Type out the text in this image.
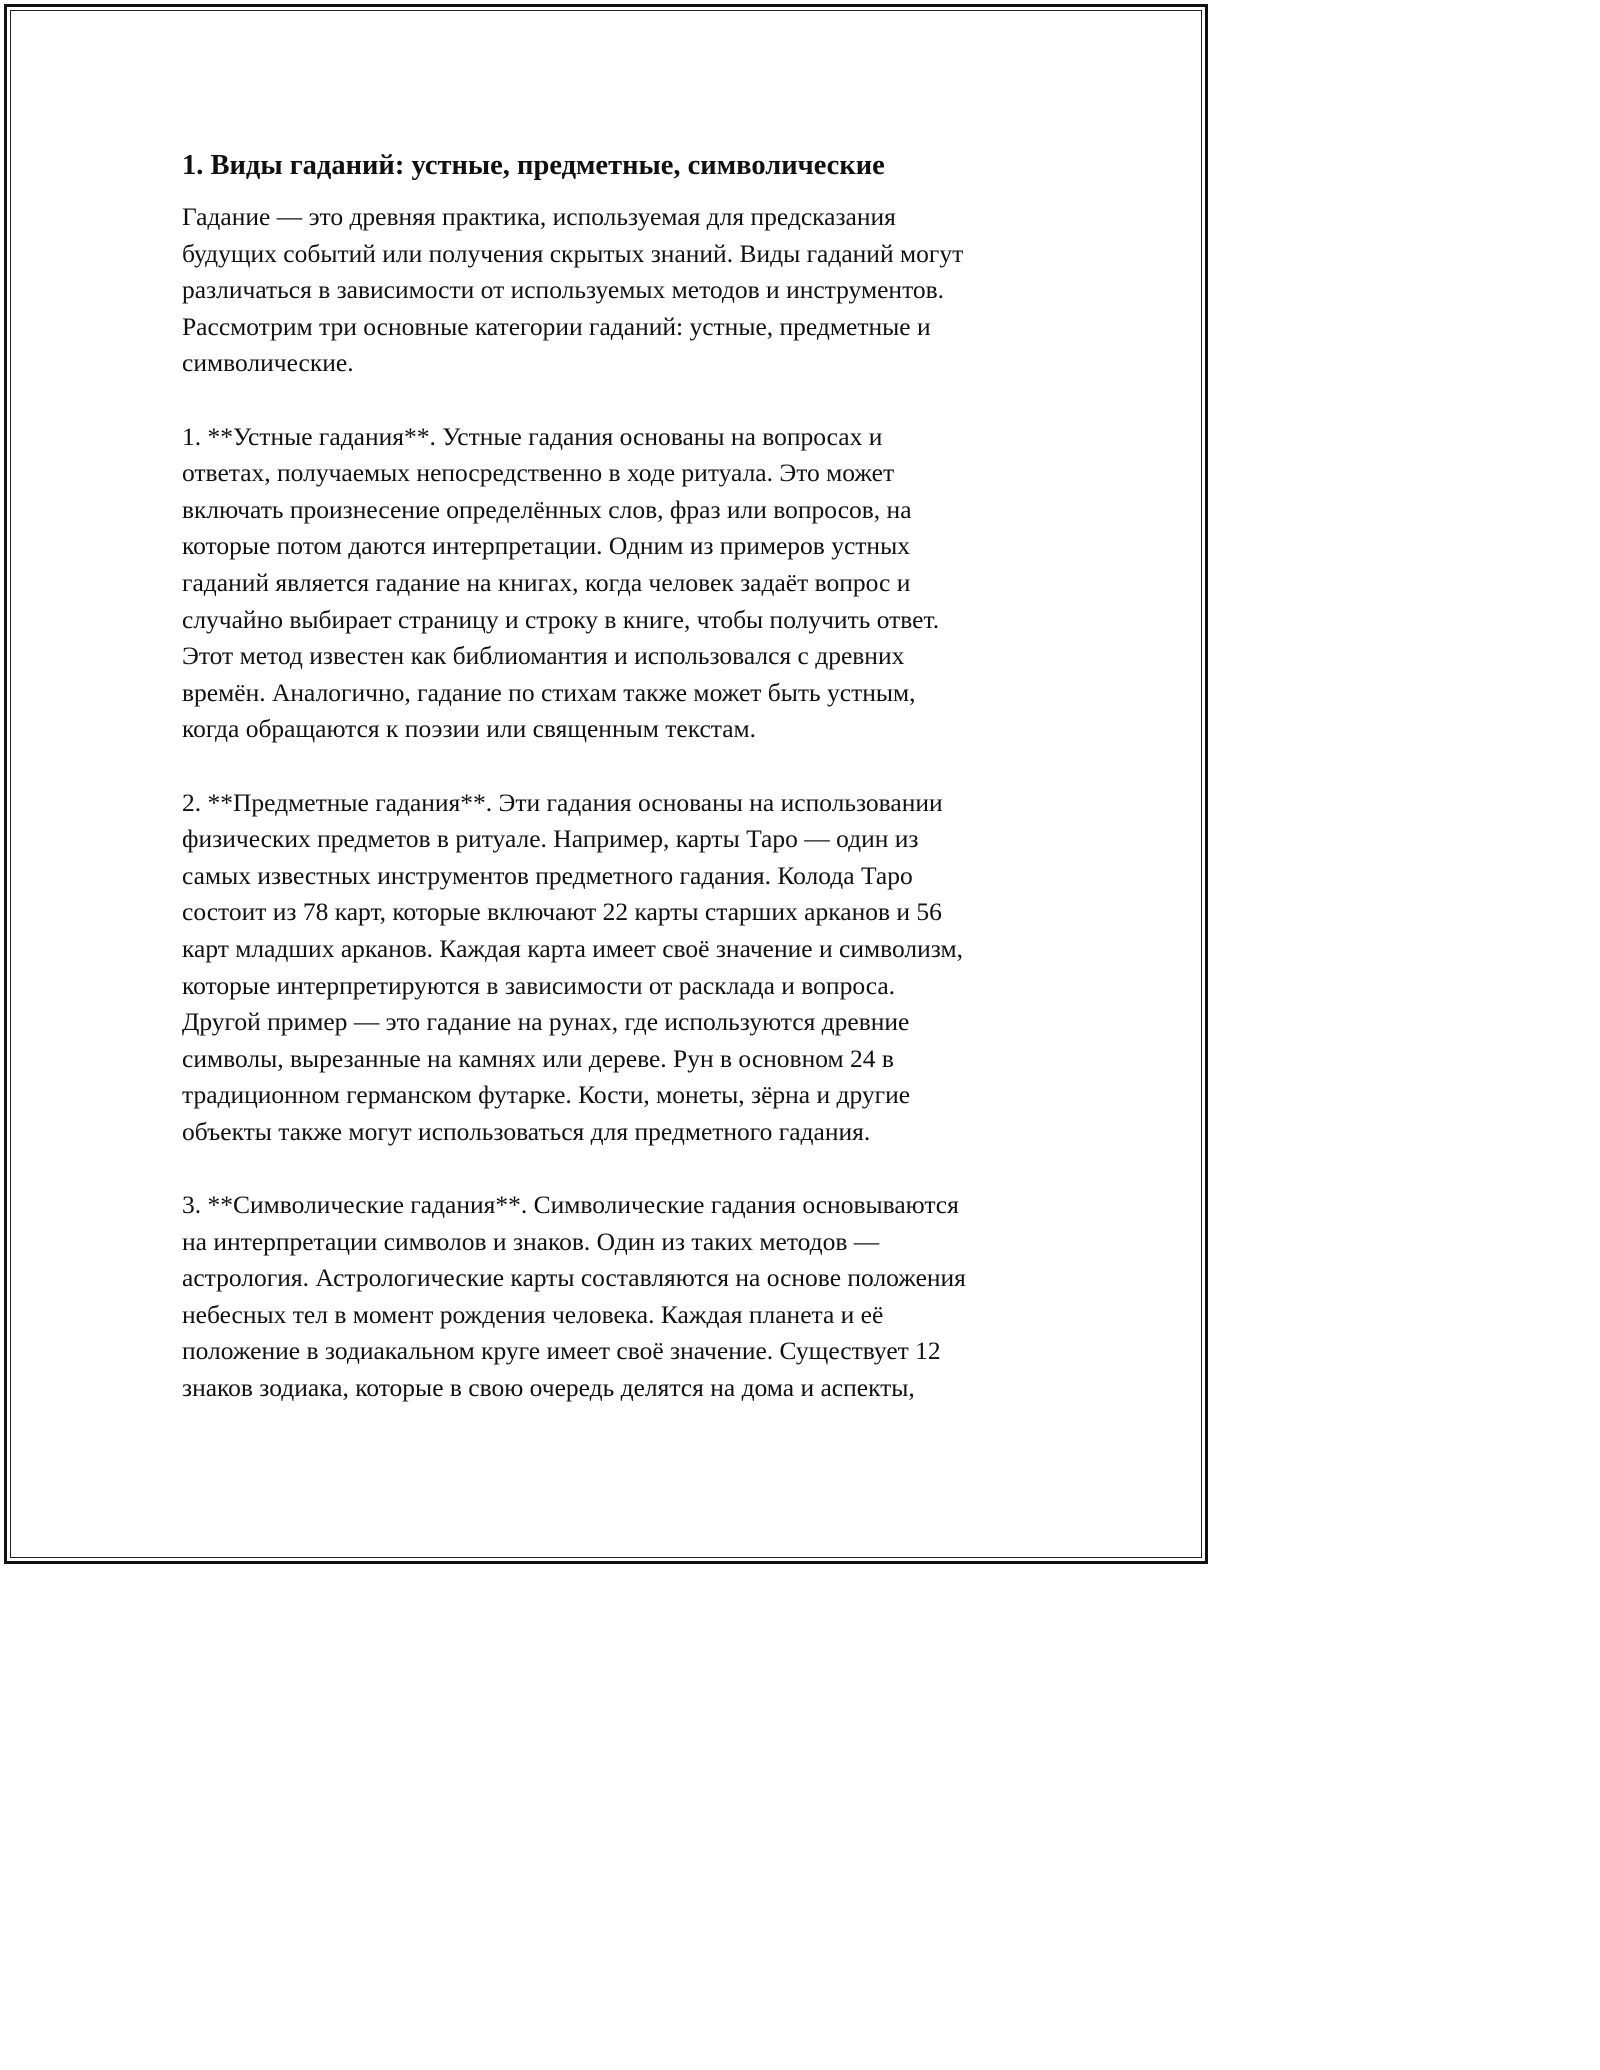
1. Виды гаданий: устные, предметные, символические

Гадание — это древняя практика, используемая для предсказания
будущих событий или получения скрытых знаний. Виды гаданий могут
различаться в зависимости от используемых методов и инструментов.
Рассмотрим три основные категории гаданий: устные, предметные и
символические.

1. **Устные гадания**. Устные гадания основаны на вопросах и
ответах, получаемых непосредственно в ходе ритуала. Это может
включать произнесение определённых слов, фраз или вопросов, на
которые потом даются интерпретации. Одним из примеров устных
гаданий является гадание на книгах, когда человек задаёт вопрос и
случайно выбирает страницу и строку в книге, чтобы получить ответ.
Этот метод известен как библиомантия и использовался с древних
времён. Аналогично, гадание по стихам также может быть устным,
когда обращаются к поэзии или священным текстам.

2. **Предметные гадания**. Эти гадания основаны на использовании
физических предметов в ритуале. Например, карты Таро — один из
самых известных инструментов предметного гадания. Колода Таро
состоит из 78 карт, которые включают 22 карты старших арканов и 56
карт младших арканов. Каждая карта имеет своё значение и символизм,
которые интерпретируются в зависимости от расклада и вопроса.
Другой пример — это гадание на рунах, где используются древние
символы, вырезанные на камнях или дереве. Рун в основном 24 в
традиционном германском футарке. Кости, монеты, зёрна и другие
объекты также могут использоваться для предметного гадания.

3. **Символические гадания**. Символические гадания основываются
на интерпретации символов и знаков. Один из таких методов —
астрология. Астрологические карты составляются на основе положения
небесных тел в момент рождения человека. Каждая планета и её
положение в зодиакальном круге имеет своё значение. Существует 12
знаков зодиака, которые в свою очередь делятся на дома и аспекты,
